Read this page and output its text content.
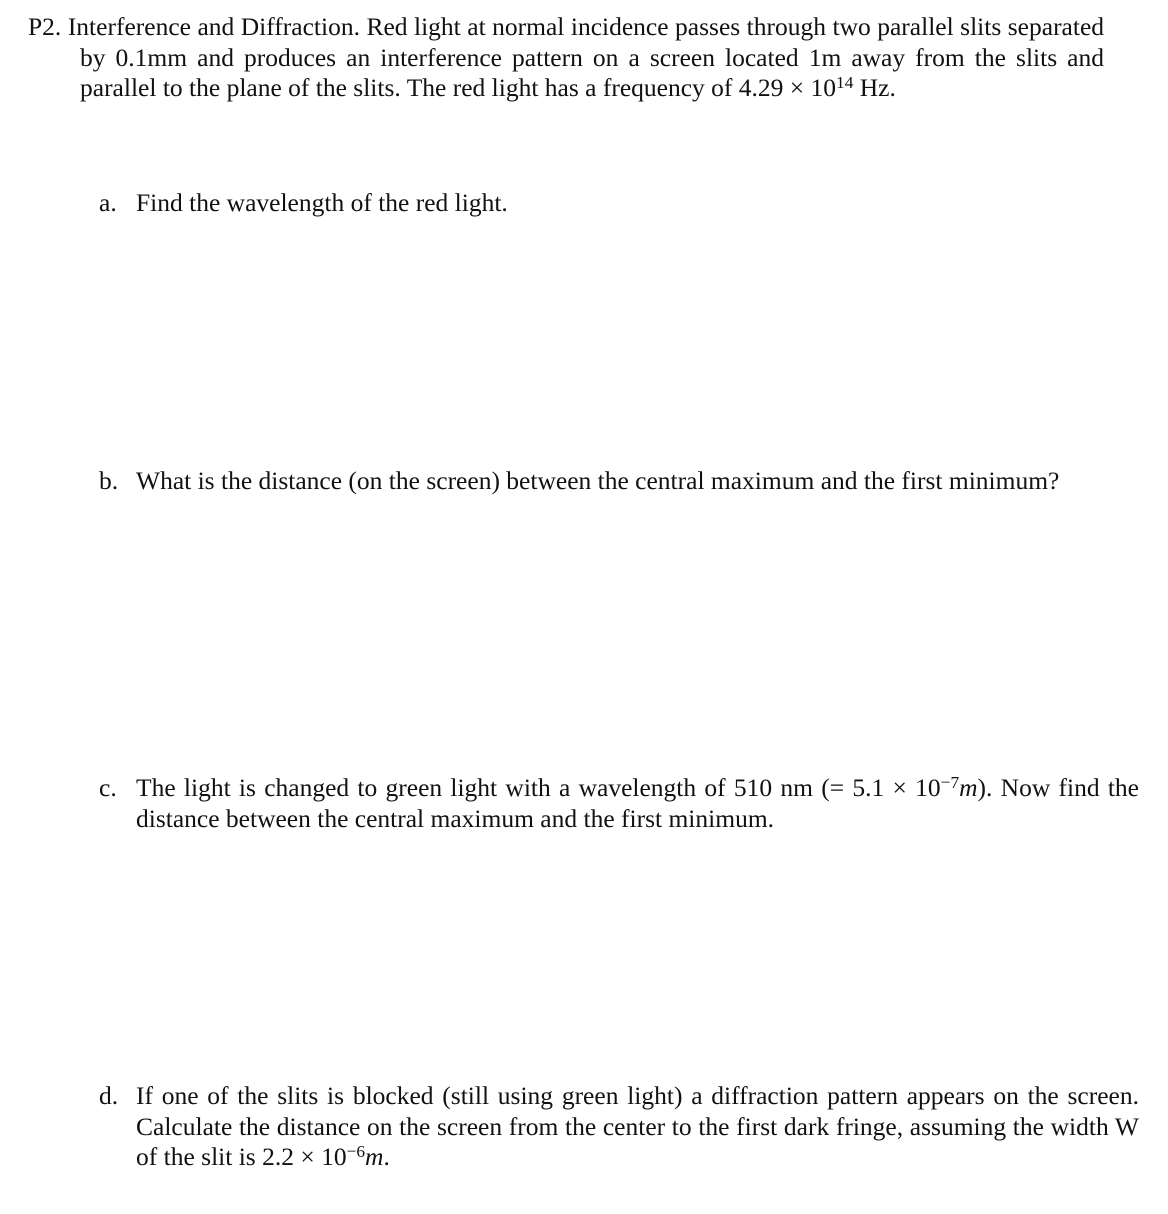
P2. Interference and Diffraction. Red light at normal incidence passes through two parallel slits separated by 0.1mm and produces an interference pattern on a screen located 1m away from the slits and parallel to the plane of the slits. The red light has a frequency of $4.29 \times 10^{14}$ Hz.
a. Find the wavelength of the red light.
b. What is the distance (on the screen) between the central maximum and the first minimum?
c. The light is changed to green light with a wavelength of 510 nm (= $5.1 \times 10^{-7}m$). Now find the distance between the central maximum and the first minimum.
d. If one of the slits is blocked (still using green light) a diffraction pattern appears on the screen. Calculate the distance on the screen from the center to the first dark fringe, assuming the width W of the slit is $2.2 \times 10^{-6}m$.
